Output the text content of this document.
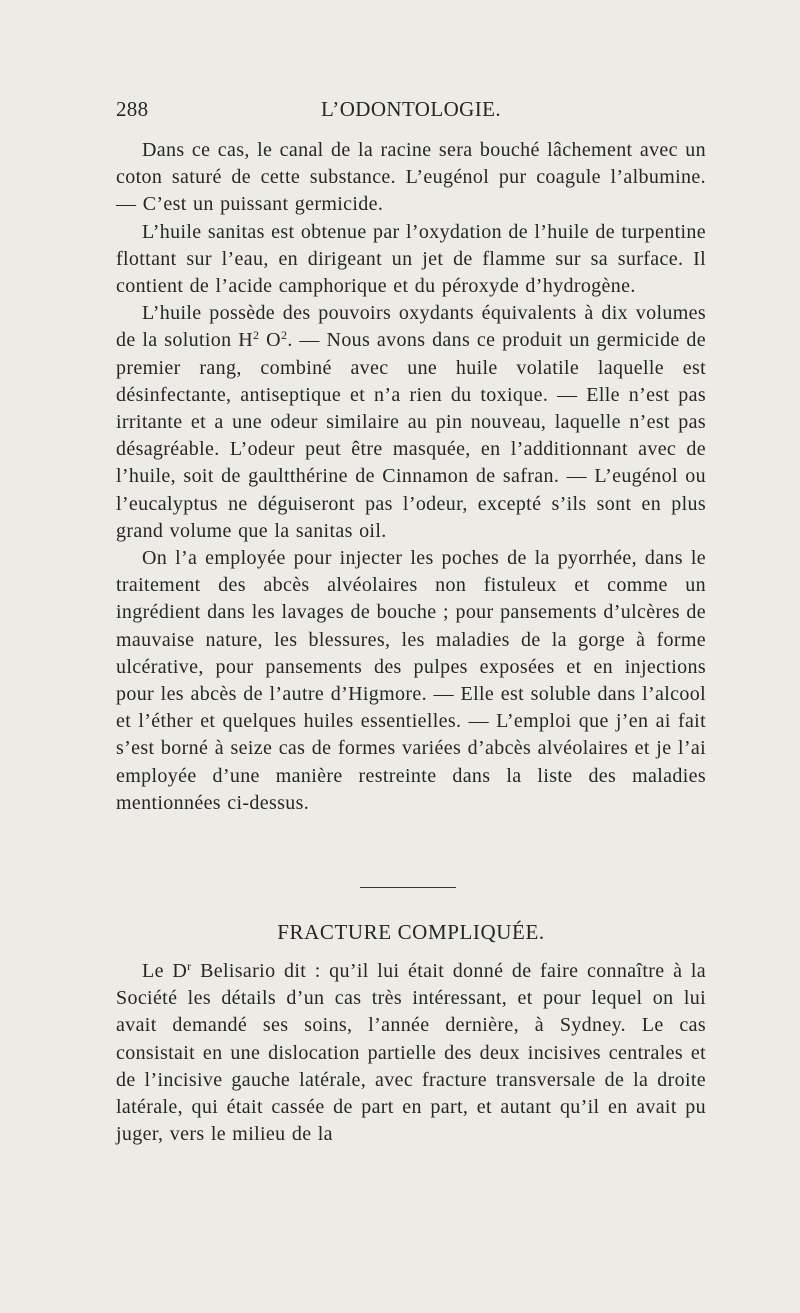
288	L’ODONTOLOGIE.

Dans ce cas, le canal de la racine sera bouché lâchement avec un coton saturé de cette substance. L’eugénol pur coagule l’albumine. — C’est un puissant germicide.

L’huile sanitas est obtenue par l’oxydation de l’huile de turpentine flottant sur l’eau, en dirigeant un jet de flamme sur sa surface. Il contient de l’acide camphorique et du péroxyde d’hydrogène.

L’huile possède des pouvoirs oxydants équivalents à dix volumes de la solution $H^2$ $O^2$. — Nous avons dans ce produit un germicide de premier rang, combiné avec une huile volatile laquelle est désinfectante, antiseptique et n’a rien du toxique. — Elle n’est pas irritante et a une odeur similaire au pin nouveau, laquelle n’est pas désagréable. L’odeur peut être masquée, en l’additionnant avec de l’huile, soit de gaultthérine de Cinnamon de safran. — L’eugénol ou l’eucalyptus ne déguiseront pas l’odeur, excepté s’ils sont en plus grand volume que la sanitas oil.

On l’a employée pour injecter les poches de la pyorrhée, dans le traitement des abcès alvéolaires non fistuleux et comme un ingrédient dans les lavages de bouche ; pour pansements d’ulcères de mauvaise nature, les blessures, les maladies de la gorge à forme ulcérative, pour pansements des pulpes exposées et en injections pour les abcès de l’autre d’Higmore. — Elle est soluble dans l’alcool et l’éther et quelques huiles essentielles. — L’emploi que j’en ai fait s’est borné à seize cas de formes variées d’abcès alvéolaires et je l’ai employée d’une manière restreinte dans la liste des maladies mentionnées ci-dessus.

FRACTURE COMPLIQUÉE.

Le $D^r$ Belisario dit : qu’il lui était donné de faire connaître à la Société les détails d’un cas très intéressant, et pour lequel on lui avait demandé ses soins, l’année dernière, à Sydney. Le cas consistait en une dislocation partielle des deux incisives centrales et de l’incisive gauche latérale, avec fracture transversale de la droite latérale, qui était cassée de part en part, et autant qu’il en avait pu juger, vers le milieu de la
